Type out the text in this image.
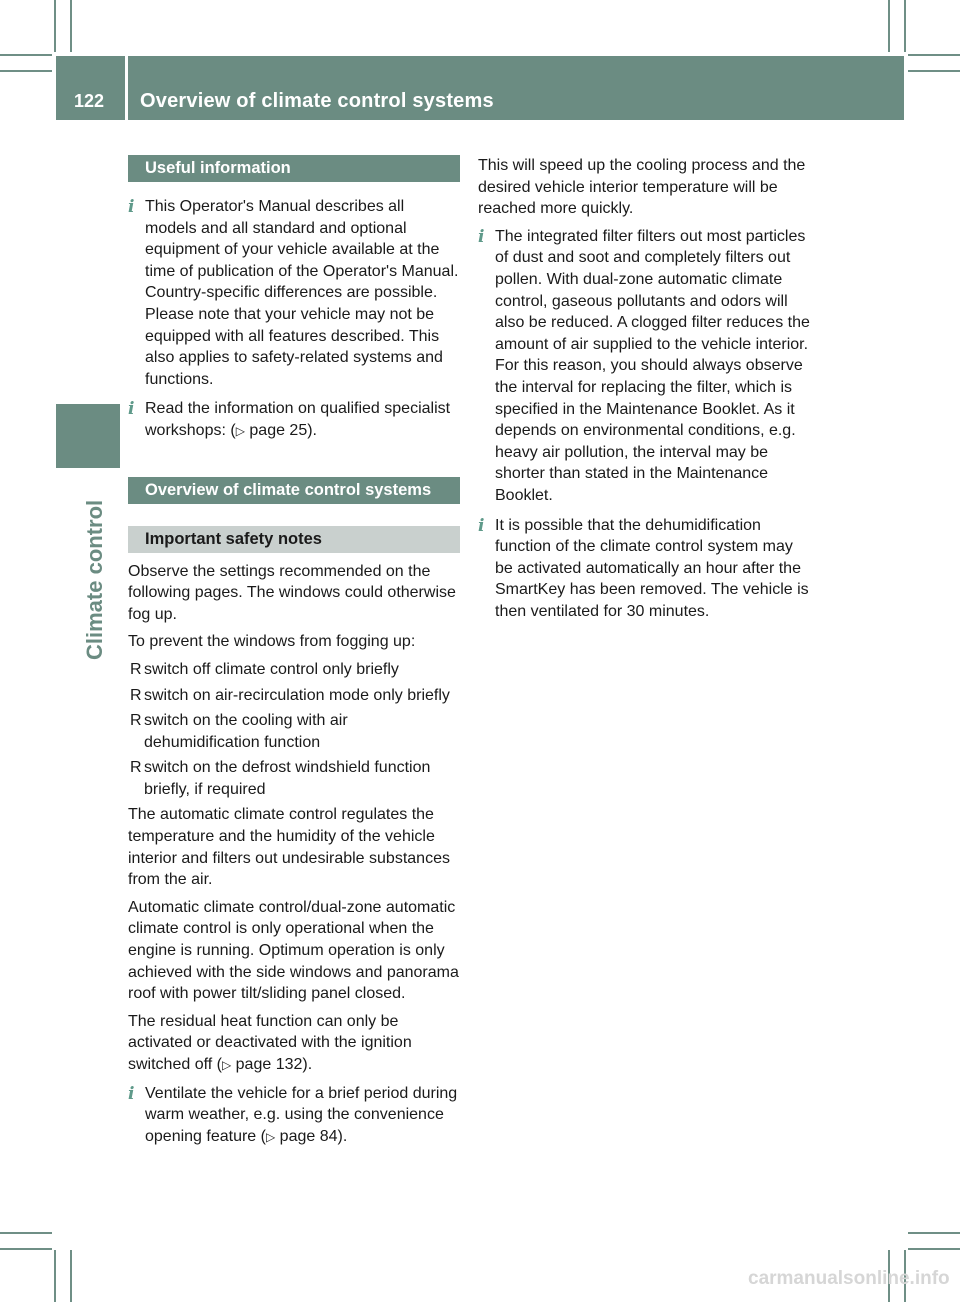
122	Overview of climate control systems
Climate control
Useful information
i This Operator's Manual describes all models and all standard and optional equipment of your vehicle available at the time of publication of the Operator's Manual. Country-specific differences are possible. Please note that your vehicle may not be equipped with all features described. This also applies to safety-related systems and functions.
i Read the information on qualified specialist workshops: (▷ page 25).
Overview of climate control systems
Important safety notes

Observe the settings recommended on the following pages. The windows could otherwise fog up.

To prevent the windows from fogging up:

R switch off climate control only briefly
R switch on air-recirculation mode only briefly
R switch on the cooling with air dehumidification function
R switch on the defrost windshield function briefly, if required

The automatic climate control regulates the temperature and the humidity of the vehicle interior and filters out undesirable substances from the air.

Automatic climate control/dual-zone automatic climate control is only operational when the engine is running. Optimum operation is only achieved with the side windows and panorama roof with power tilt/sliding panel closed.

The residual heat function can only be activated or deactivated with the ignition switched off (▷ page 132).

i Ventilate the vehicle for a brief period during warm weather, e.g. using the convenience opening feature (▷ page 84).

This will speed up the cooling process and the desired vehicle interior temperature will be reached more quickly.

i The integrated filter filters out most particles of dust and soot and completely filters out pollen. With dual-zone automatic climate control, gaseous pollutants and odors will also be reduced. A clogged filter reduces the amount of air supplied to the vehicle interior. For this reason, you should always observe the interval for replacing the filter, which is specified in the Maintenance Booklet. As it depends on environmental conditions, e.g. heavy air pollution, the interval may be shorter than stated in the Maintenance Booklet.
i It is possible that the dehumidification function of the climate control system may be activated automatically an hour after the SmartKey has been removed. The vehicle is then ventilated for 30 minutes.
carmanualsonline.info
